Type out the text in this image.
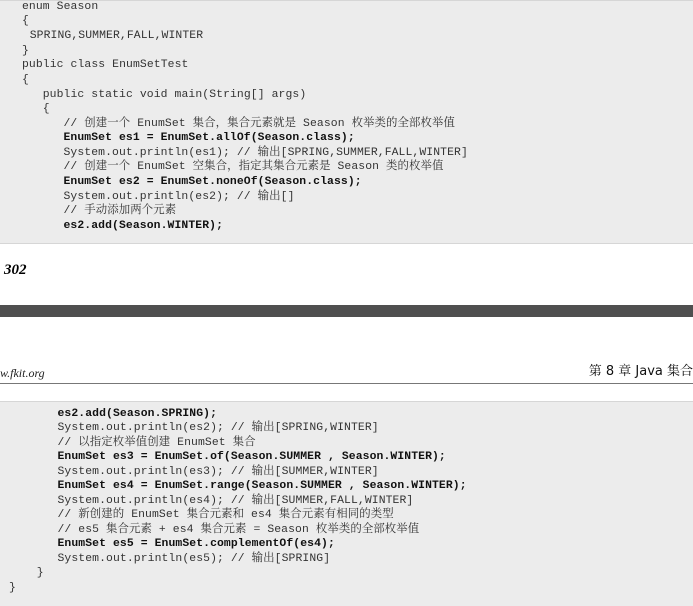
enum Season
{
SPRING,SUMMER,FALL,WINTER
}
public class EnumSetTest
{
public static void main(String[] args)
{
// 创建一个 EnumSet 集合，集合元素就是 Season 枚举类的全部枚举值
EnumSet es1 = EnumSet.allOf(Season.class);
System.out.println(es1); // 输出[SPRING,SUMMER,FALL,WINTER]
// 创建一个 EnumSet 空集合，指定其集合元素是 Season 类的枚举值
EnumSet es2 = EnumSet.noneOf(Season.class);
System.out.println(es2); // 输出[]
// 手动添加两个元素
es2.add(Season.WINTER);
302
w.fkit.org	第 8 章 Java 集合
es2.add(Season.SPRING);
System.out.println(es2); // 输出[SPRING,WINTER]
// 以指定枚举值创建 EnumSet 集合
EnumSet es3 = EnumSet.of(Season.SUMMER , Season.WINTER);
System.out.println(es3); // 输出[SUMMER,WINTER]
EnumSet es4 = EnumSet.range(Season.SUMMER , Season.WINTER);
System.out.println(es4); // 输出[SUMMER,FALL,WINTER]
// 新创建的 EnumSet 集合元素和 es4 集合元素有相同的类型
// es5 集合元素 + es4 集合元素 = Season 枚举类的全部枚举值
EnumSet es5 = EnumSet.complementOf(es4);
System.out.println(es5); // 输出[SPRING]
}
}
